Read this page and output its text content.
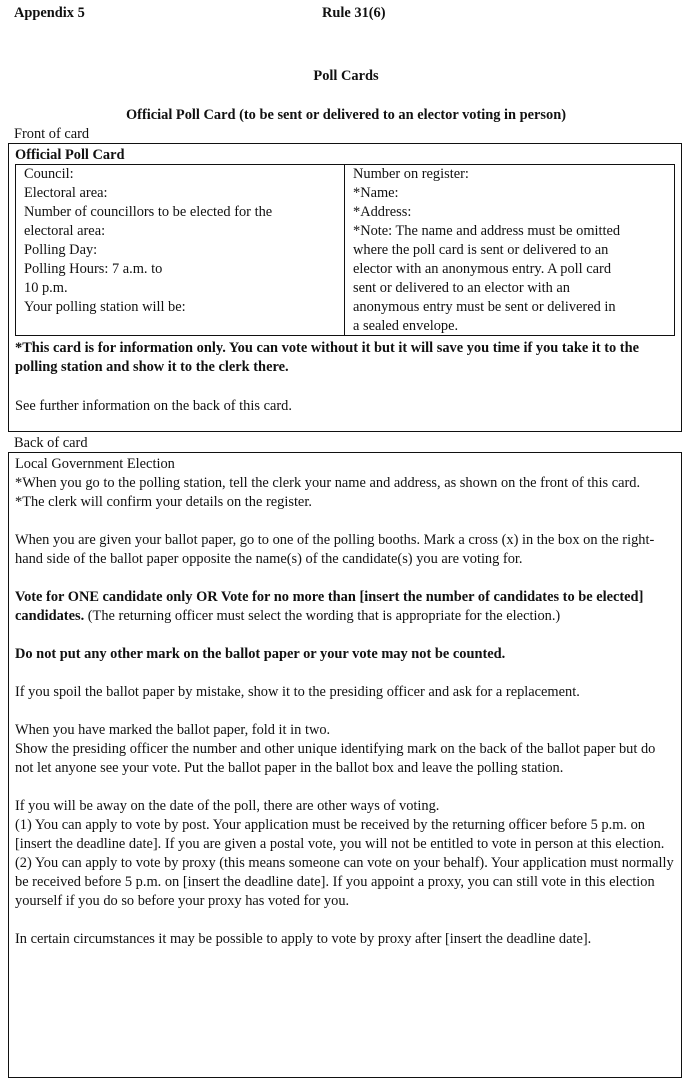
Appendix 5	Rule 31(6)
Poll Cards
Official Poll Card (to be sent or delivered to an elector voting in person)
Front of card
Official Poll Card
Council:
Electoral area:
Number of councillors to be elected for the
electoral area:
Polling Day:
Polling Hours: 7 a.m. to
10 p.m.
Your polling station will be:
Number on register:
*Name:
*Address:
*Note: The name and address must be omitted
where the poll card is sent or delivered to an
elector with an anonymous entry. A poll card
sent or delivered to an elector with an
anonymous entry must be sent or delivered in
a sealed envelope.
*This card is for information only. You can vote without it but it will save you time if you take it to the polling station and show it to the clerk there.
See further information on the back of this card.
Back of card
Local Government Election
*When you go to the polling station, tell the clerk your name and address, as shown on the front of this card.
*The clerk will confirm your details on the register.
When you are given your ballot paper, go to one of the polling booths. Mark a cross (x) in the box on the right-hand side of the ballot paper opposite the name(s) of the candidate(s) you are voting for.
Vote for ONE candidate only OR Vote for no more than [insert the number of candidates to be elected] candidates. (The returning officer must select the wording that is appropriate for the election.)
Do not put any other mark on the ballot paper or your vote may not be counted.
If you spoil the ballot paper by mistake, show it to the presiding officer and ask for a replacement.
When you have marked the ballot paper, fold it in two.
Show the presiding officer the number and other unique identifying mark on the back of the ballot paper but do not let anyone see your vote. Put the ballot paper in the ballot box and leave the polling station.
If you will be away on the date of the poll, there are other ways of voting.
(1) You can apply to vote by post. Your application must be received by the returning officer before 5 p.m. on [insert the deadline date]. If you are given a postal vote, you will not be entitled to vote in person at this election.
(2) You can apply to vote by proxy (this means someone can vote on your behalf). Your application must normally be received before 5 p.m. on [insert the deadline date]. If you appoint a proxy, you can still vote in this election yourself if you do so before your proxy has voted for you.
In certain circumstances it may be possible to apply to vote by proxy after [insert the deadline date].
